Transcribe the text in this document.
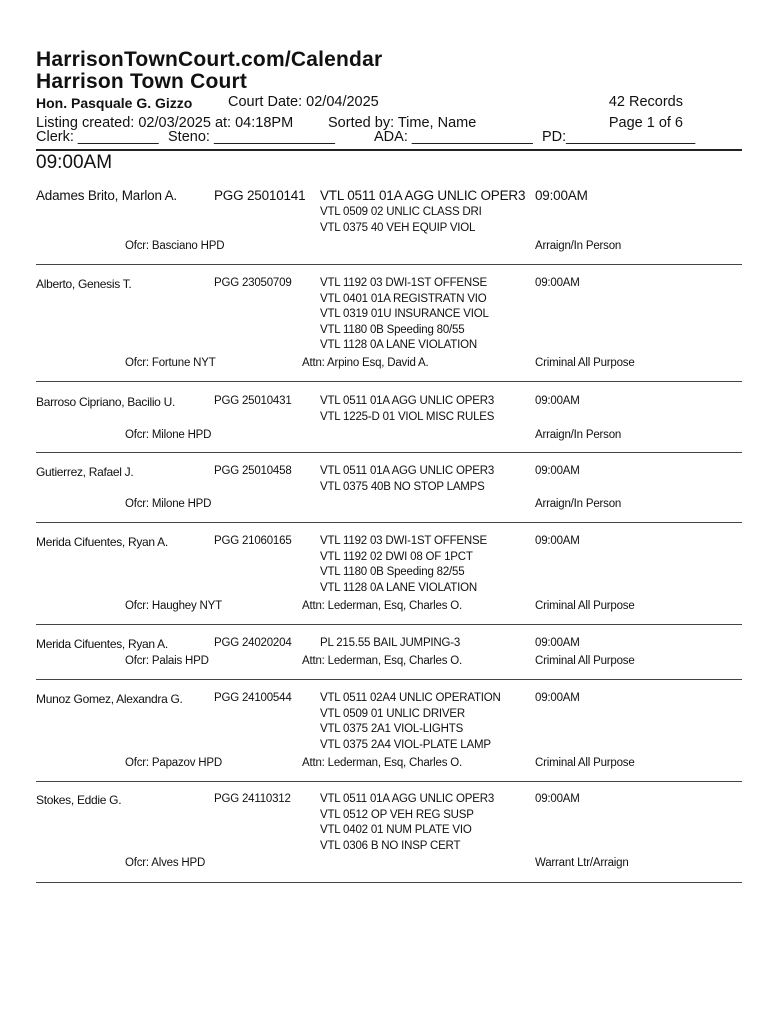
HarrisonTownCourt.com/Calendar
Harrison Town Court
Hon. Pasquale G. Gizzo Court Date: 02/04/2025	42 Records
Listing created: 02/03/2025 at: 04:18PM Sorted by: Time, Name	Page 1 of 6
Clerk: __________ Steno: _______________	ADA: _______________ PD:________________
09:00AM
Adames Brito, Marlon A.	PGG 25010141 VTL 0511 01A AGG UNLIC OPER3
VTL 0509 02 UNLIC CLASS DRI
VTL 0375 40 VEH EQUIP VIOL
09:00AM
Ofcr: Basciano HPD	Arraign/In Person
Alberto, Genesis T.	PGG 23050709 VTL 1192 03 DWI-1ST OFFENSE
VTL 0401 01A REGISTRATN VIO
VTL 0319 01U INSURANCE VIOL
VTL 1180 0B Speeding 80/55
VTL 1128 0A LANE VIOLATION
09:00AM
Ofcr: Fortune NYT	Attn: Arpino Esq, David A.	Criminal All Purpose
Barroso Cipriano, Bacilio U.	PGG 25010431 VTL 0511 01A AGG UNLIC OPER3
VTL 1225-D 01 VIOL MISC RULES
09:00AM
Ofcr: Milone HPD	Arraign/In Person
Gutierrez, Rafael J.	PGG 25010458 VTL 0511 01A AGG UNLIC OPER3
VTL 0375 40B NO STOP LAMPS
09:00AM
Ofcr: Milone HPD	Arraign/In Person
Merida Cifuentes, Ryan A.	PGG 21060165 VTL 1192 03 DWI-1ST OFFENSE
VTL 1192 02 DWI 08 OF 1PCT
VTL 1180 0B Speeding 82/55
VTL 1128 0A LANE VIOLATION
09:00AM
Ofcr: Haughey NYT	Attn: Lederman, Esq, Charles O.	Criminal All Purpose
Merida Cifuentes, Ryan A.	PGG 24020204 PL 215.55 BAIL JUMPING-3	09:00AM
Ofcr: Palais HPD	Attn: Lederman, Esq, Charles O.	Criminal All Purpose
Munoz Gomez, Alexandra G.	PGG 24100544 VTL 0511 02A4 UNLIC OPERATION
VTL 0509 01 UNLIC DRIVER
VTL 0375 2A1 VIOL-LIGHTS
VTL 0375 2A4 VIOL-PLATE LAMP
09:00AM
Ofcr: Papazov HPD	Attn: Lederman, Esq, Charles O.	Criminal All Purpose
Stokes, Eddie G.	PGG 24110312	VTL 0511 01A AGG UNLIC OPER3
VTL 0512 OP VEH REG SUSP
VTL 0402 01 NUM PLATE VIO
VTL 0306 B NO INSP CERT
09:00AM
Ofcr: Alves HPD	Warrant Ltr/Arraign
